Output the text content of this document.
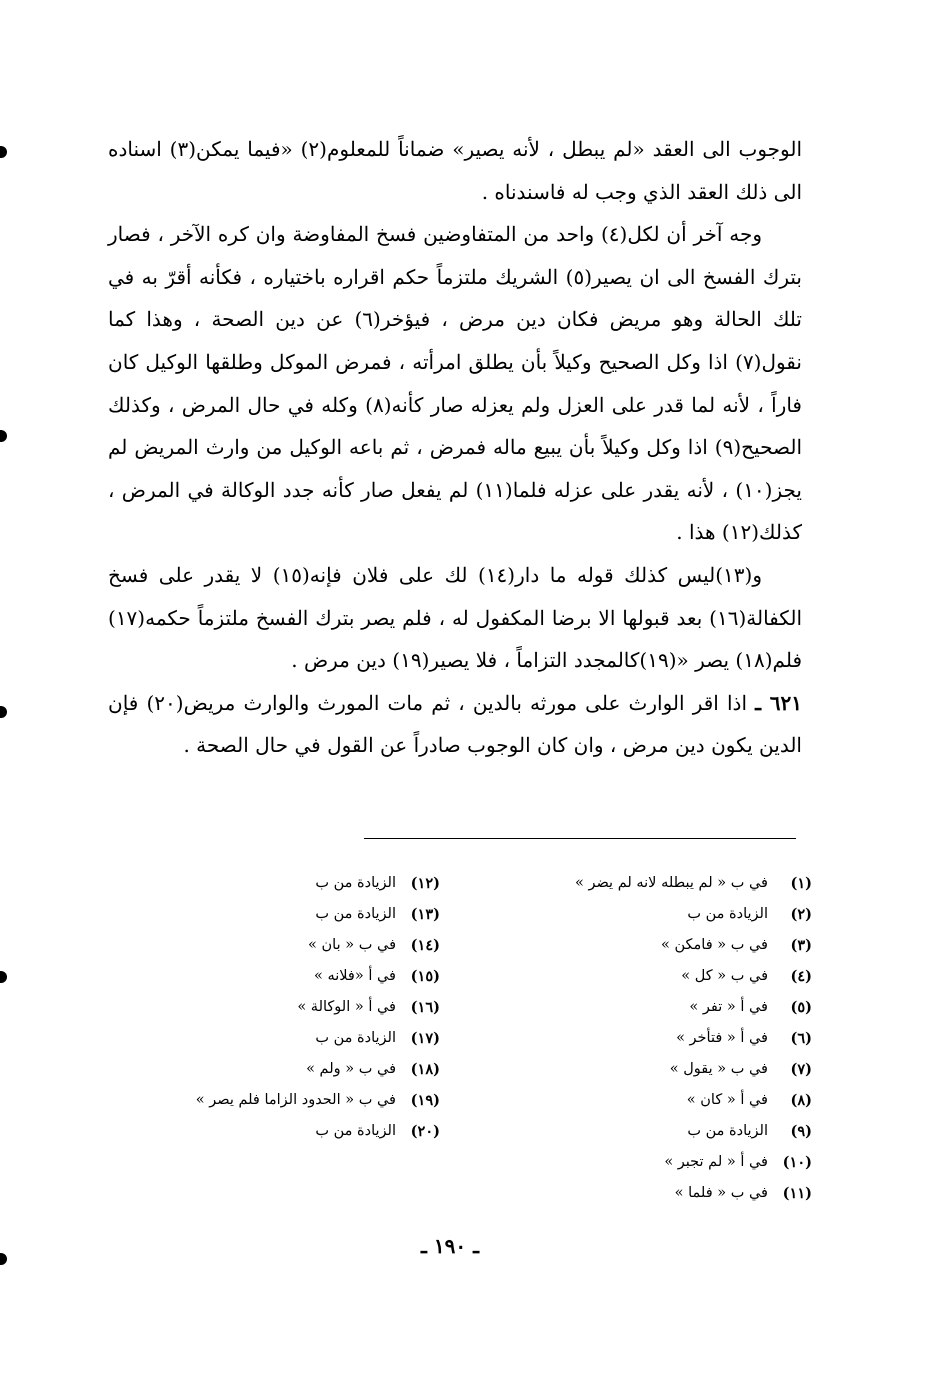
الوجوب الى العقد «لم يبطل ، لأنه يصير» ضماناً للمعلوم(٢) «فيما يمكن(٣) اسناده الى ذلك العقد الذي وجب له فاسندناه .

وجه آخر أن لكل(٤) واحد من المتفاوضين فسخ المفاوضة وان كره الآخر ، فصار بترك الفسخ الى ان يصير(٥) الشريك ملتزماً حكم اقراره باختياره ، فكأنه أقرّ به في تلك الحالة وهو مريض فكان دين مرض ، فيؤخر(٦) عن دين الصحة ، وهذا كما نقول(٧) اذا وكل الصحيح وكيلاً بأن يطلق امرأته ، فمرض الموكل وطلقها الوكيل كان فاراً ، لأنه لما قدر على العزل ولم يعزله صار كأنه(٨) وكله في حال المرض ، وكذلك الصحيح(٩) اذا وكل وكيلاً بأن يبيع ماله فمرض ، ثم باعه الوكيل من وارث المريض لم يجز(١٠) ، لأنه يقدر على عزله فلما(١١) لم يفعل صار كأنه جدد الوكالة في المرض ، كذلك(١٢) هذا .

و(١٣)ليس كذلك قوله ما دار(١٤) لك على فلان فإنه(١٥) لا يقدر على فسخ الكفالة(١٦) بعد قبولها الا برضا المكفول له ، فلم يصر بترك الفسخ ملتزماً حكمه(١٧) فلم(١٨) يصر «(١٩)كالمجدد التزاماً ، فلا يصير(١٩) دين مرض .

٦٢١ ـ اذا اقر الوارث على مورثه بالدين ، ثم مات المورث والوارث مريض(٢٠) فإن الدين يكون دين مرض ، وان كان الوجوب صادراً عن القول في حال الصحة .

(١)
في ب « لم يبطله لانه لم يضر »
(٢)
الزيادة من ب
(٣)
في ب « فامكن »
(٤)
في ب « كل »
(٥)
في أ « تفر »
(٦)
في أ « فتأخر »
(٧)
في ب « يقول »
(٨)
في أ « كان »
(٩)
الزيادة من ب
(١٠)
في أ « لم تجبر »
(١١)
في ب « فلما »
(١٢)
الزيادة من ب
(١٣)
الزيادة من ب
(١٤)
في ب « بان »
(١٥)
في أ «فلانه »
(١٦)
في أ « الوكالة »
(١٧)
الزيادة من ب
(١٨)
في ب « ولم »
(١٩)
في ب « الحدود الزاما فلم يصر »
(٢٠)
الزيادة من ب
ـ ١٩٠ ـ
